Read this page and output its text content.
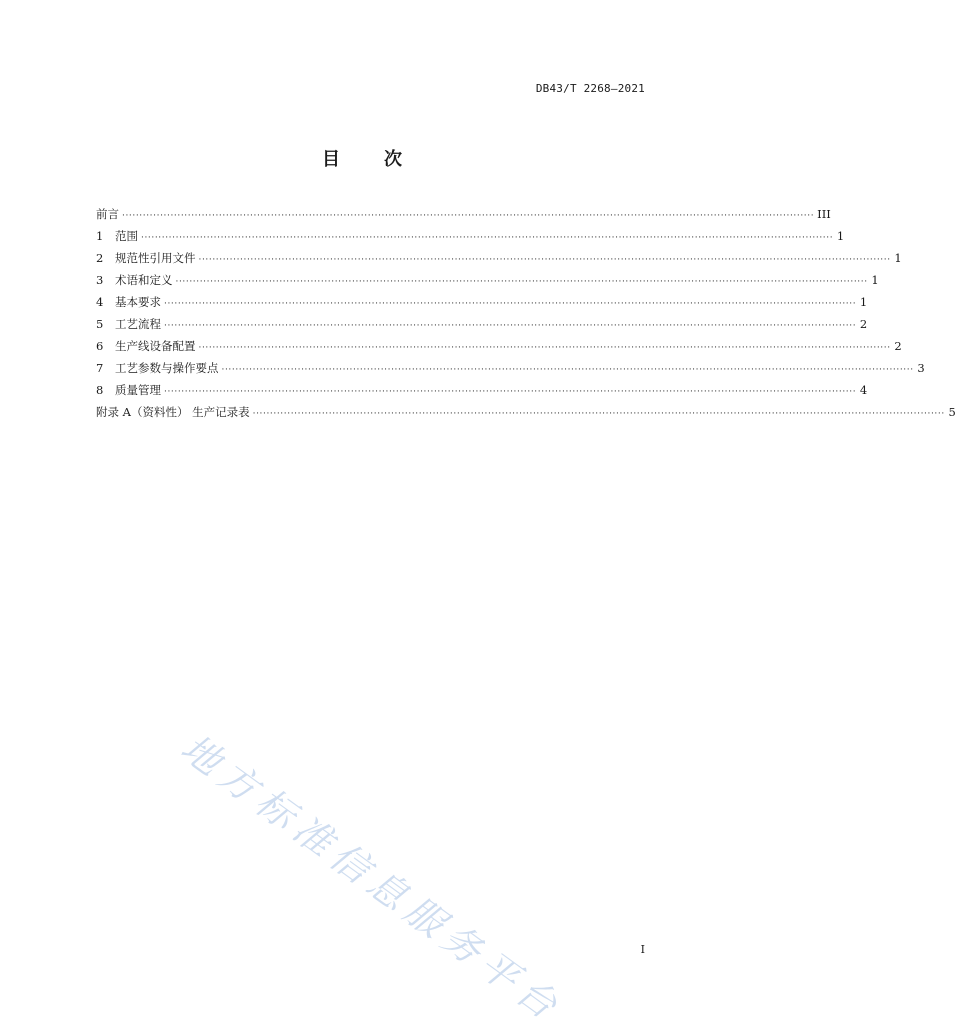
DB43/T 2268—2021
目 次
前言 ········································································································································································································ III
1	范围 ········································································································································································································ 1
2	规范性引用文件 ········································································································································································································ 1
3	术语和定义 ········································································································································································································ 1
4	基本要求 ········································································································································································································ 1
5	工艺流程 ········································································································································································································ 2
6	生产线设备配置 ········································································································································································································ 2
7	工艺参数与操作要点 ········································································································································································································ 3
8	质量管理 ········································································································································································································ 4
附录 A（资料性） 生产记录表 ········································································································································································································ 5
I
地方标准信息服务平台
